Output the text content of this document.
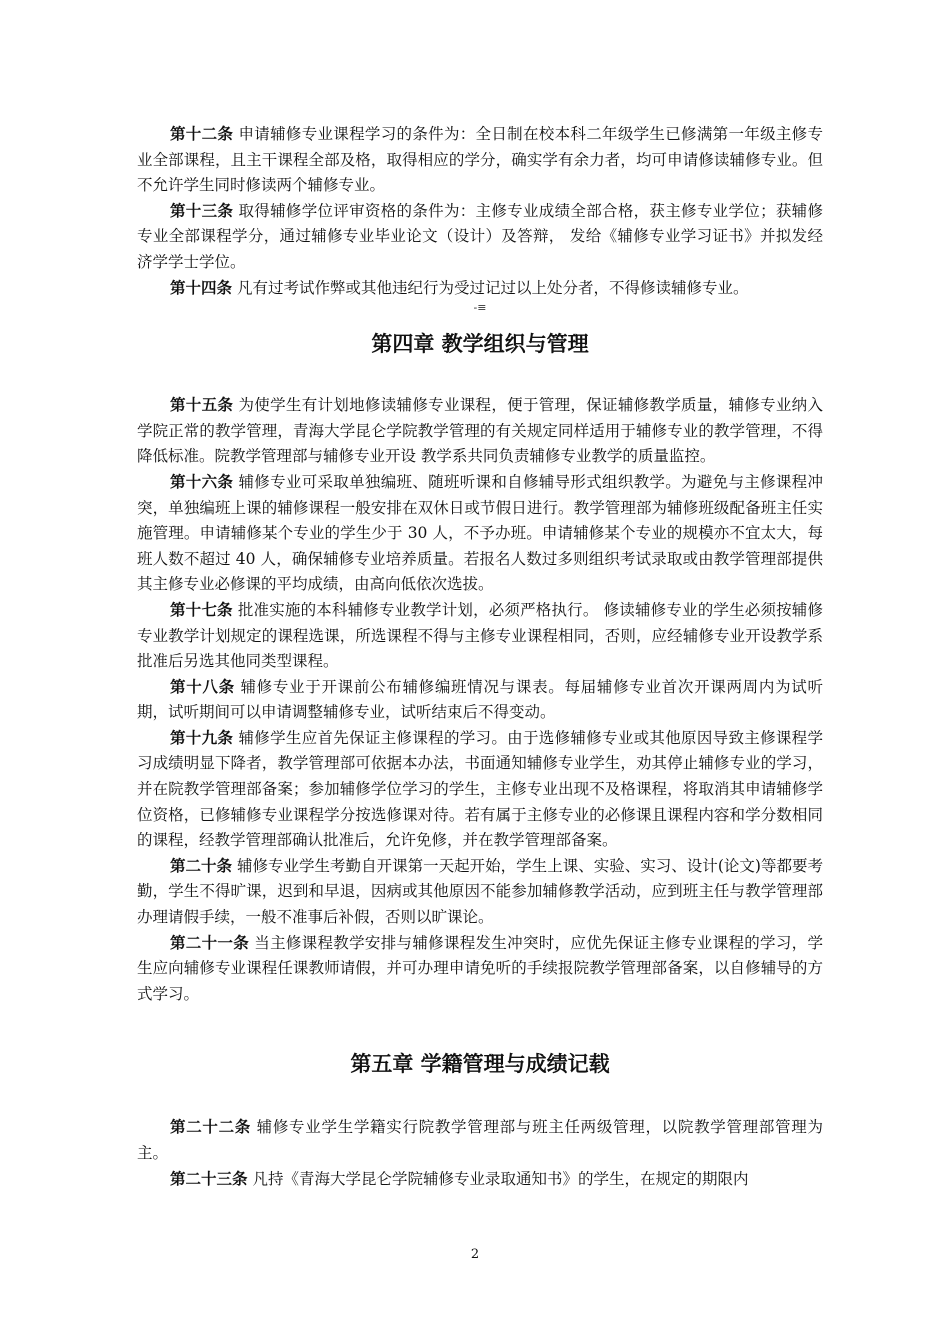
第十二条 申请辅修专业课程学习的条件为：全日制在校本科二年级学生已修满第一年级主修专业全部课程，且主干课程全部及格，取得相应的学分，确实学有余力者，均可申请修读辅修专业。但不允许学生同时修读两个辅修专业。

第十三条 取得辅修学位评审资格的条件为：主修专业成绩全部合格，获主修专业学位；获辅修专业全部课程学分，通过辅修专业毕业论文（设计）及答辩， 发给《辅修专业学习证书》并拟发经济学学士学位。

第十四条 凡有过考试作弊或其他违纪行为受过记过以上处分者，不得修读辅修专业。

-≡

第四章 教学组织与管理

第十五条 为使学生有计划地修读辅修专业课程，便于管理，保证辅修教学质量，辅修专业纳入学院正常的教学管理，青海大学昆仑学院教学管理的有关规定同样适用于辅修专业的教学管理，不得降低标准。院教学管理部与辅修专业开设 教学系共同负责辅修专业教学的质量监控。

第十六条 辅修专业可采取单独编班、随班听课和自修辅导形式组织教学。为避免与主修课程冲突，单独编班上课的辅修课程一般安排在双休日或节假日进行。教学管理部为辅修班级配备班主任实施管理。申请辅修某个专业的学生少于 30 人，不予办班。申请辅修某个专业的规模亦不宜太大，每班人数不超过 40 人，确保辅修专业培养质量。若报名人数过多则组织考试录取或由教学管理部提供其主修专业必修课的平均成绩，由高向低依次选拔。

第十七条 批准实施的本科辅修专业教学计划，必须严格执行。 修读辅修专业的学生必须按辅修专业教学计划规定的课程选课，所选课程不得与主修专业课程相同，否则，应经辅修专业开设教学系批准后另选其他同类型课程。

第十八条 辅修专业于开课前公布辅修编班情况与课表。每届辅修专业首次开课两周内为试听期，试听期间可以申请调整辅修专业，试听结束后不得变动。

第十九条 辅修学生应首先保证主修课程的学习。由于选修辅修专业或其他原因导致主修课程学习成绩明显下降者，教学管理部可依据本办法，书面通知辅修专业学生，劝其停止辅修专业的学习，并在院教学管理部备案；参加辅修学位学习的学生，主修专业出现不及格课程，将取消其申请辅修学位资格，已修辅修专业课程学分按选修课对待。若有属于主修专业的必修课且课程内容和学分数相同的课程，经教学管理部确认批准后，允许免修，并在教学管理部备案。

第二十条 辅修专业学生考勤自开课第一天起开始，学生上课、实验、实习、设计(论文)等都要考勤，学生不得旷课，迟到和早退，因病或其他原因不能参加辅修教学活动，应到班主任与教学管理部办理请假手续，一般不准事后补假，否则以旷课论。

第二十一条 当主修课程教学安排与辅修课程发生冲突时，应优先保证主修专业课程的学习，学生应向辅修专业课程任课教师请假，并可办理申请免听的手续报院教学管理部备案，以自修辅导的方式学习。

第五章 学籍管理与成绩记载

第二十二条 辅修专业学生学籍实行院教学管理部与班主任两级管理，以院教学管理部管理为主。

第二十三条 凡持《青海大学昆仑学院辅修专业录取通知书》的学生，在规定的期限内

2
